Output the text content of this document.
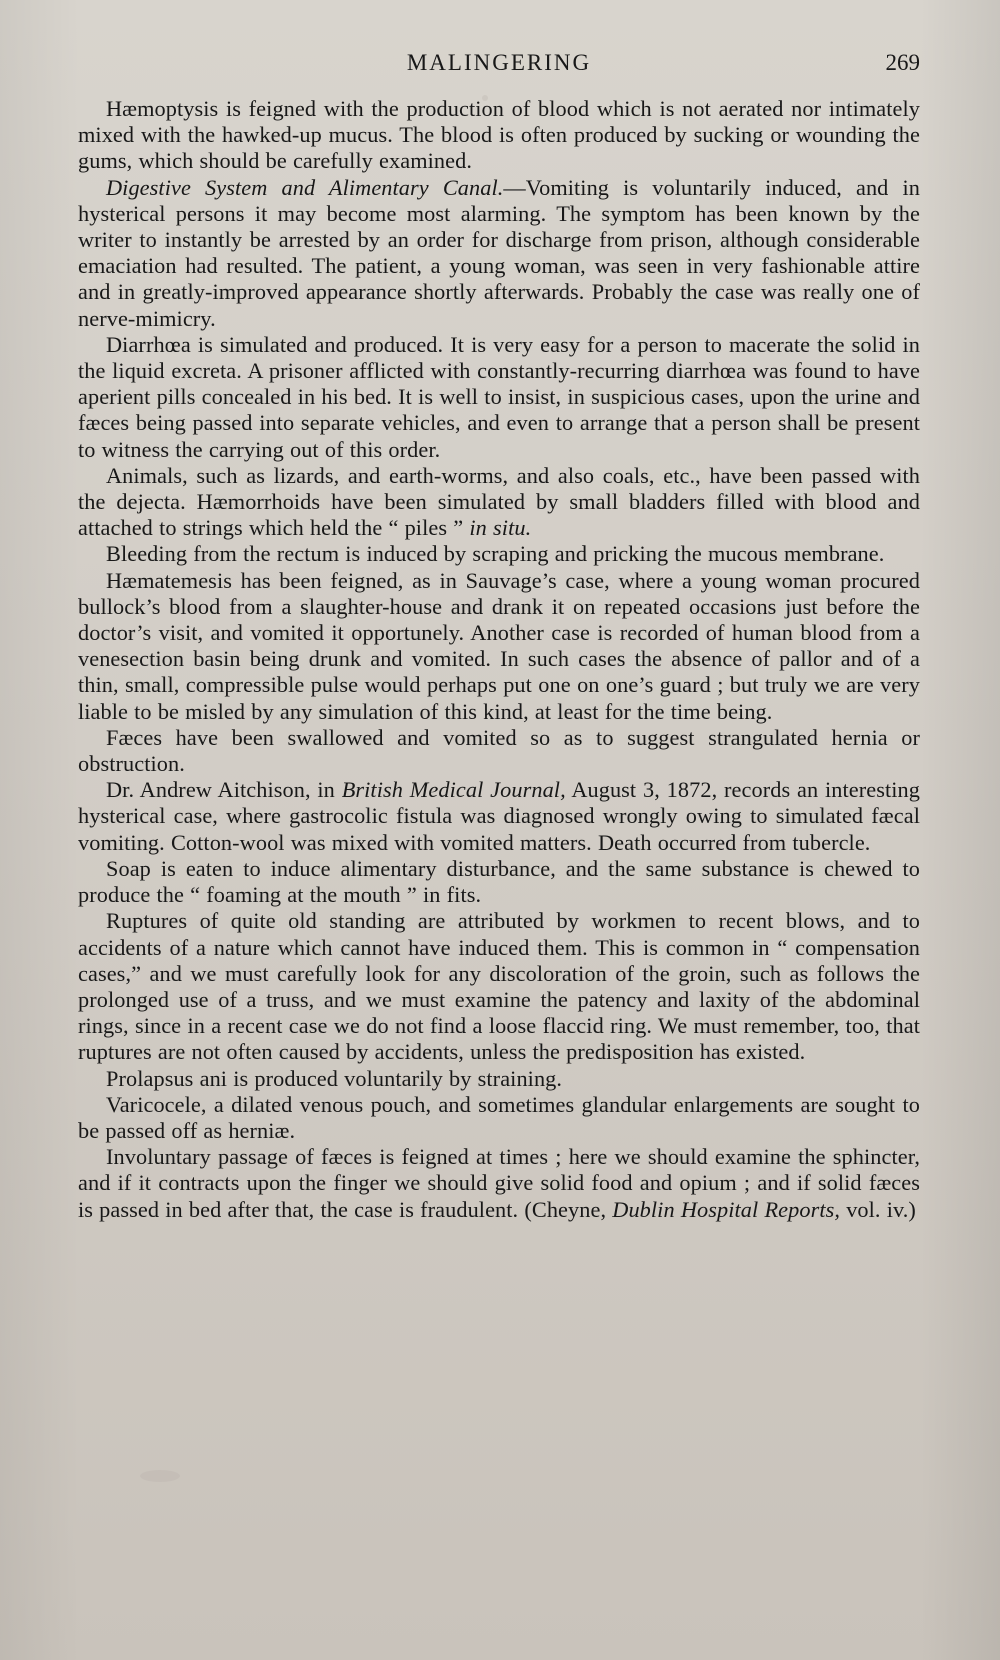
MALINGERING	269

Hæmoptysis is feigned with the production of blood which is not aerated nor intimately mixed with the hawked-up mucus. The blood is often produced by sucking or wounding the gums, which should be carefully examined.

Digestive System and Alimentary Canal.—Vomiting is voluntarily induced, and in hysterical persons it may become most alarming. The symptom has been known by the writer to instantly be arrested by an order for discharge from prison, although considerable emaciation had resulted. The patient, a young woman, was seen in very fashionable attire and in greatly-improved appearance shortly afterwards. Probably the case was really one of nerve-mimicry.

Diarrhœa is simulated and produced. It is very easy for a person to macerate the solid in the liquid excreta. A prisoner afflicted with constantly-recurring diarrhœa was found to have aperient pills concealed in his bed. It is well to insist, in suspicious cases, upon the urine and fæces being passed into separate vehicles, and even to arrange that a person shall be present to witness the carrying out of this order.

Animals, such as lizards, and earth-worms, and also coals, etc., have been passed with the dejecta. Hæmorrhoids have been simulated by small bladders filled with blood and attached to strings which held the “ piles ” in situ.

Bleeding from the rectum is induced by scraping and pricking the mucous membrane.

Hæmatemesis has been feigned, as in Sauvage’s case, where a young woman procured bullock’s blood from a slaughter-house and drank it on repeated occasions just before the doctor’s visit, and vomited it opportunely. Another case is recorded of human blood from a venesection basin being drunk and vomited. In such cases the absence of pallor and of a thin, small, compressible pulse would perhaps put one on one’s guard ; but truly we are very liable to be misled by any simulation of this kind, at least for the time being.

Fæces have been swallowed and vomited so as to suggest strangulated hernia or obstruction.

Dr. Andrew Aitchison, in British Medical Journal, August 3, 1872, records an interesting hysterical case, where gastrocolic fistula was diagnosed wrongly owing to simulated fæcal vomiting. Cotton-wool was mixed with vomited matters. Death occurred from tubercle.

Soap is eaten to induce alimentary disturbance, and the same substance is chewed to produce the “ foaming at the mouth ” in fits.

Ruptures of quite old standing are attributed by workmen to recent blows, and to accidents of a nature which cannot have induced them. This is common in “ compensation cases,” and we must carefully look for any discoloration of the groin, such as follows the prolonged use of a truss, and we must examine the patency and laxity of the abdominal rings, since in a recent case we do not find a loose flaccid ring. We must remember, too, that ruptures are not often caused by accidents, unless the predisposition has existed.

Prolapsus ani is produced voluntarily by straining.

Varicocele, a dilated venous pouch, and sometimes glandular enlargements are sought to be passed off as herniæ.

Involuntary passage of fæces is feigned at times ; here we should examine the sphincter, and if it contracts upon the finger we should give solid food and opium ; and if solid fæces is passed in bed after that, the case is fraudulent. (Cheyne, Dublin Hospital Reports, vol. iv.)
